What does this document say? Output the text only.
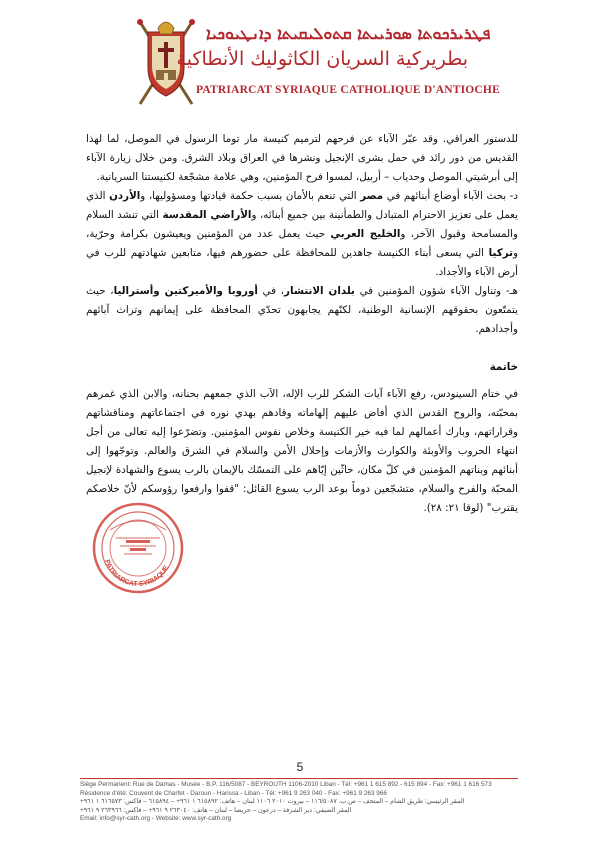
ܦܛܪܝܪܟܘܬܐ ܣܘܪܝܝܬܐ ܩܬܘܠܝܩܝܬܐ ܕܐܢܛܝܘܟܝܐ
بطريركية السريان الكاثوليك الأنطاكية
PATRIARCAT SYRIAQUE CATHOLIQUE D'ANTIOCHE

للدستور العراقي. وقد عبّر الآباء عن فرحهم لترميم كنيسة مار توما الرسول في الموصل، لما لهذا القديس من دور رائد في حمل بشرى الإنجيل ونشرها في العراق وبلاد الشرق. ومن خلال زيارة الآباء إلى أبرشيتي الموصل وحدياب – أربيل، لمسوا فرح المؤمنين، وهي علامة مشجّعة لكنيستنا السريانية.

د- بحث الآباء أوضاع أبنائهم في مصر التي تنعم بالأمان بسبب حكمة قيادتها ومسؤوليها، والأردن الذي يعمل على تعزيز الاحترام المتبادل والطمأنينة بين جميع أبنائه، والأراضي المقدسة التي تنشد السلام والمسامحة وقبول الآخر، والخليج العربي حيث يعمل عدد من المؤمنين ويعيشون بكرامة وحرّية، وتركيا التي يسعى أبناء الكنيسة جاهدين للمحافظة على حضورهم فيها، متابعين شهادتهم للرب في أرض الآباء والأجداد.

هـ- وتناول الآباء شؤون المؤمنين في بلدان الانتشار، في أوروبا والأميركتين وأستراليا، حيث يتمتّعون بحقوقهم الإنسانية الوطنية، لكنّهم يجابهون تحدّي المحافظة على إيمانهم وتراث آبائهم وأجدادهم.

خاتمة

في ختام السينودس، رفع الآباء آيات الشكر للرب الإله، الآب الذي جمعهم بحنانه، والابن الذي غمرهم بمحبّته، والروح القدس الذي أفاض عليهم إلهاماته وقادهم بهدي نوره في اجتماعاتهم ومناقشاتهم وقراراتهم، وبارك أعمالهم لما فيه خير الكنيسة وخلاص نفوس المؤمنين. وتضرّعوا إليه تعالى من أجل انتهاء الحروب والأوبئة والكوارث والأزمات وإحلال الأمن والسلام في الشرق والعالم. وتوجّهوا إلى أبنائهم وبناتهم المؤمنين في كلّ مكان، حاثّين إيّاهم على التمسّك بالإيمان بالرب يسوع والشهادة لإنجيل المحبّة والفرح والسلام، متشجّعين دوماً بوعد الرب يسوع القائل: "قفوا وارفعوا رؤوسكم لأنّ خلاصكم يقترب" (لوقا ٢١: ٢٨).

PATRIARCAT SYRIAQUE
5
Siège Permanent: Rue de Damas - Musée - B.P. 116/5087 - BEYROUTH 1106-2010 Liban - Tél: +961 1 615 892 - 615 894 - Fax: +961 1 616 573
Résidence d'été: Couvent de Charfet - Daroun - Harissa - Liban - Tél: +961 9 263 040 - Fax: +961 9 263 966
المقر الرئيسي: طريق الشام – المتحف – ص.ب. ١١٦/٥٠٨٧ – بيروت ٢٠١٠ ١١٠٦ لبنان – هاتف: ٦١٥٨٩٢ ١ ٩٦١+ – ٦١٥٨٩٤ – فاكس: ٦١٦٥٧٣ ١ ٩٦١+
المقر الصيفي: دير الشرفة – درعون – حريصا – لبنان – هاتف: ٢٦٣٠٤٠ ٩ ٩٦١+ – فاكس: ٢٦٣٩٦٦ ٩ ٩٦١+
Email: info@syr-cath.org - Website: www.syr-cath.org
